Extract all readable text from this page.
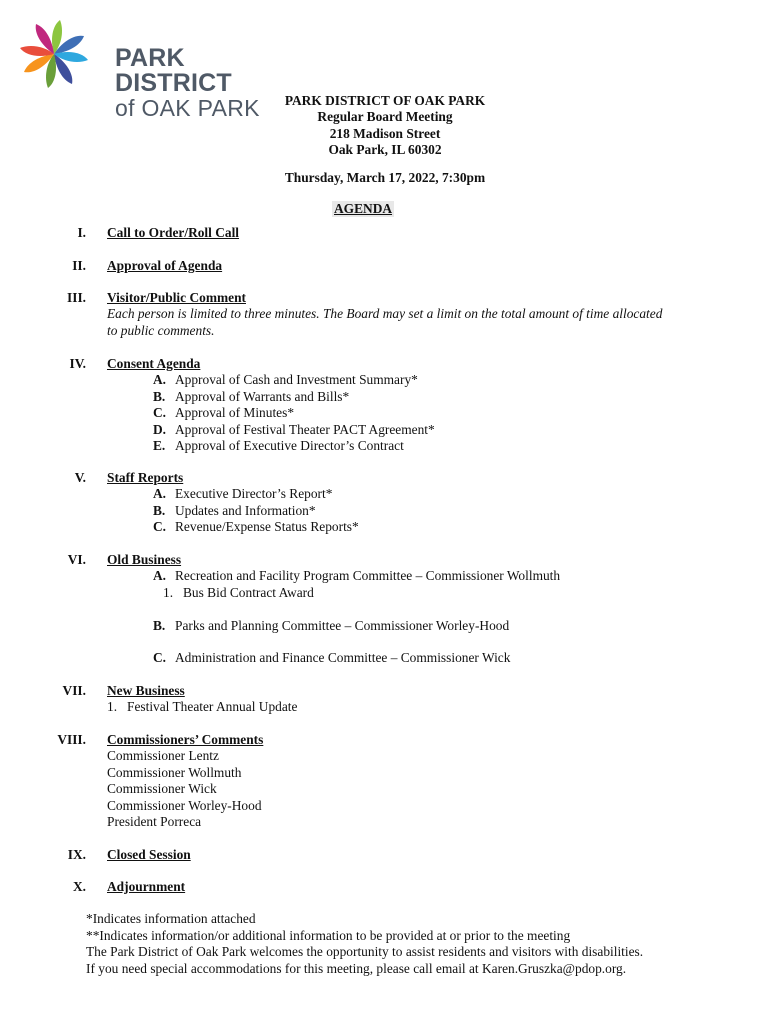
PARK DISTRICT
of OAK PARK	PARK DISTRICT OF OAK PARK
Regular Board Meeting
218 Madison Street
Oak Park, IL 60302
Thursday, March 17, 2022, 7:30pm
AGENDA
I. Call to Order/Roll Call
II. Approval of Agenda
III. Visitor/Public Comment
Each person is limited to three minutes. The Board may set a limit on the total amount of time allocated
to public comments.
IV. Consent Agenda
A. Approval of Cash and Investment Summary*
B. Approval of Warrants and Bills*
C. Approval of Minutes*
D. Approval of Festival Theater PACT Agreement*
E. Approval of Executive Director’s Contract
V. Staff Reports
A. Executive Director’s Report*
B. Updates and Information*
C. Revenue/Expense Status Reports*
VI. Old Business
A. Recreation and Facility Program Committee – Commissioner Wollmuth
1. Bus Bid Contract Award
B. Parks and Planning Committee – Commissioner Worley-Hood
C. Administration and Finance Committee – Commissioner Wick
VII. New Business
1. Festival Theater Annual Update
VIII. Commissioners’ Comments
Commissioner Lentz
Commissioner Wollmuth
Commissioner Wick
Commissioner Worley-Hood
President Porreca
IX. Closed Session
X. Adjournment
*Indicates information attached
**Indicates information/or additional information to be provided at or prior to the meeting
The Park District of Oak Park welcomes the opportunity to assist residents and visitors with disabilities.
If you need special accommodations for this meeting, please call email at Karen.Gruszka@pdop.org.
